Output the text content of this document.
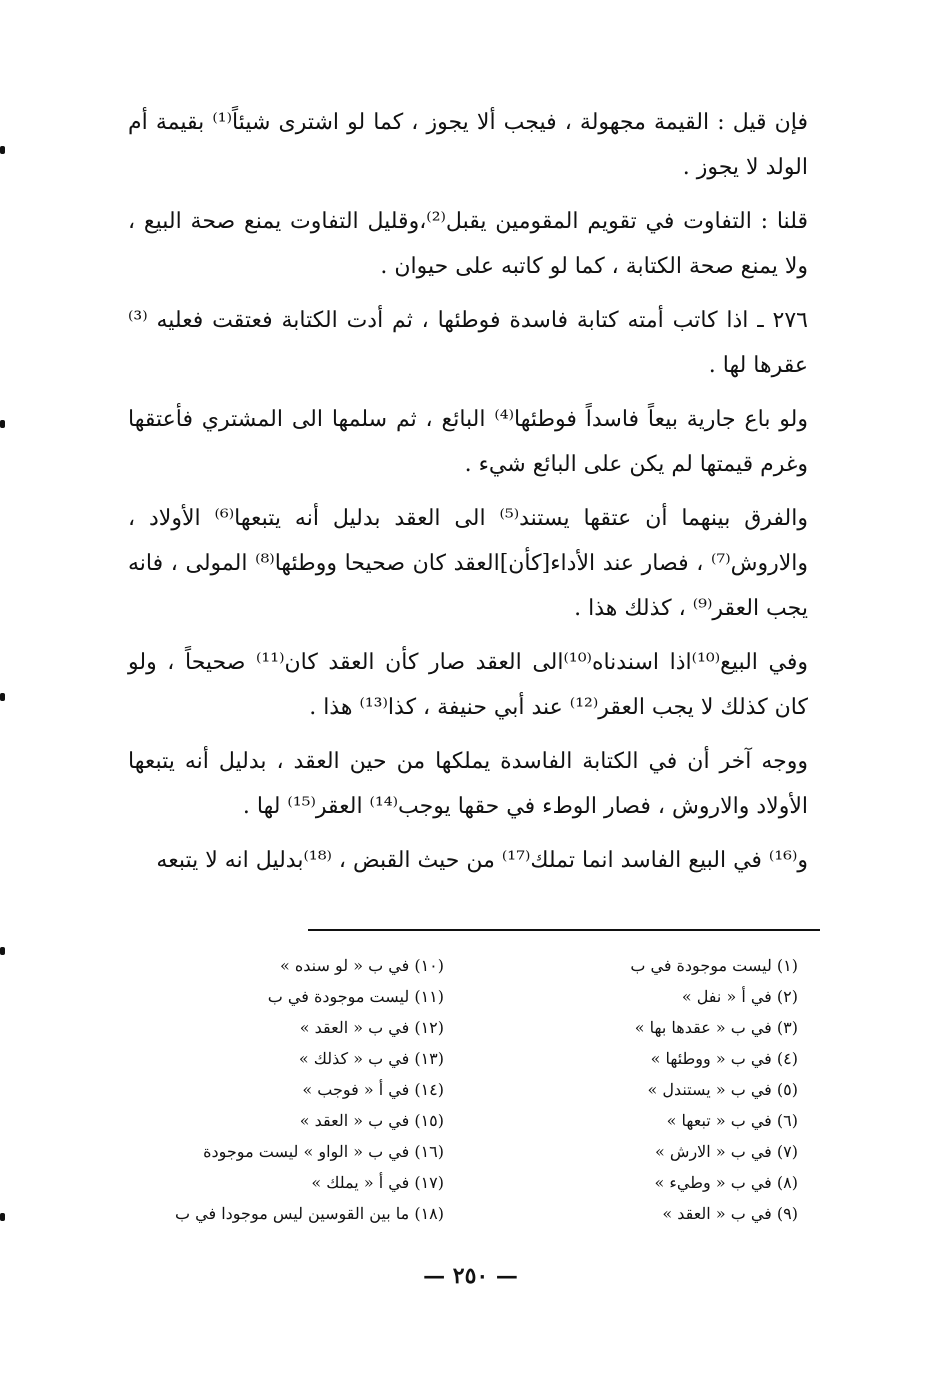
فإن قيل : القيمة مجهولة ، فيجب ألا يجوز ، كما لو اشترى شيئاً⁽¹⁾ بقيمة أم الولد لا يجوز .

قلنا : التفاوت في تقويم المقومين يقبل⁽²⁾،وقليل التفاوت يمنع صحة البيع ، ولا يمنع صحة الكتابة ، كما لو كاتبه على حيوان .

٢٧٦ ـ اذا كاتب أمته كتابة فاسدة فوطئها ، ثم أدت الكتابة فعتقت فعليه ⁽³⁾عقرها لها .

ولو باع جارية بيعاً فاسداً فوطئها⁽⁴⁾ البائع ، ثم سلمها الى المشتري فأعتقها وغرم قيمتها لم يكن على البائع شيء .

والفرق بينهما أن عتقها يستند⁽⁵⁾ الى العقد بدليل أنه يتبعها⁽⁶⁾ الأولاد ، والاروش⁽⁷⁾ ، فصار عند الأداء[كأن]العقد كان صحيحا ووطئها⁽⁸⁾ المولى ، فانه يجب العقر⁽⁹⁾ ، كذلك هذا .

وفي البيع⁽¹⁰⁾اذا اسندناه⁽¹⁰⁾الى العقد صار كأن العقد كان⁽¹¹⁾ صحيحاً ، ولو كان كذلك لا يجب العقر⁽¹²⁾ عند أبي حنيفة ، كذا⁽¹³⁾ هذا .

ووجه آخر أن في الكتابة الفاسدة يملكها من حين العقد ، بدليل أنه يتبعها الأولاد والاروش ، فصار الوطء في حقها يوجب⁽¹⁴⁾ العقر⁽¹⁵⁾ لها .

و⁽¹⁶⁾ في البيع الفاسد انما تملك⁽¹⁷⁾ من حيث القبض ، ⁽¹⁸⁾بدليل انه لا يتبعه

(١) ليست موجودة في ب
(٢) في أ « نفل »
(٣) في ب « عقدها بها »
(٤) في ب « ووطئها »
(٥) في ب « يستندل »
(٦) في ب « تبعها »
(٧) في ب « الارش »
(٨) في ب « وطيء »
(٩) في ب « العقد »
(١٠) في ب « لو سنده »
(١١) ليست موجودة في ب
(١٢) في ب « العقد »
(١٣) في ب « كذلك »
(١٤) في أ « فوجب »
(١٥) في ب « العقد »
(١٦) في ب « الواو » ليست موجودة
(١٧) في أ « يملك »
(١٨) ما بين القوسين ليس موجودا في ب
— ٢٥٠ —
